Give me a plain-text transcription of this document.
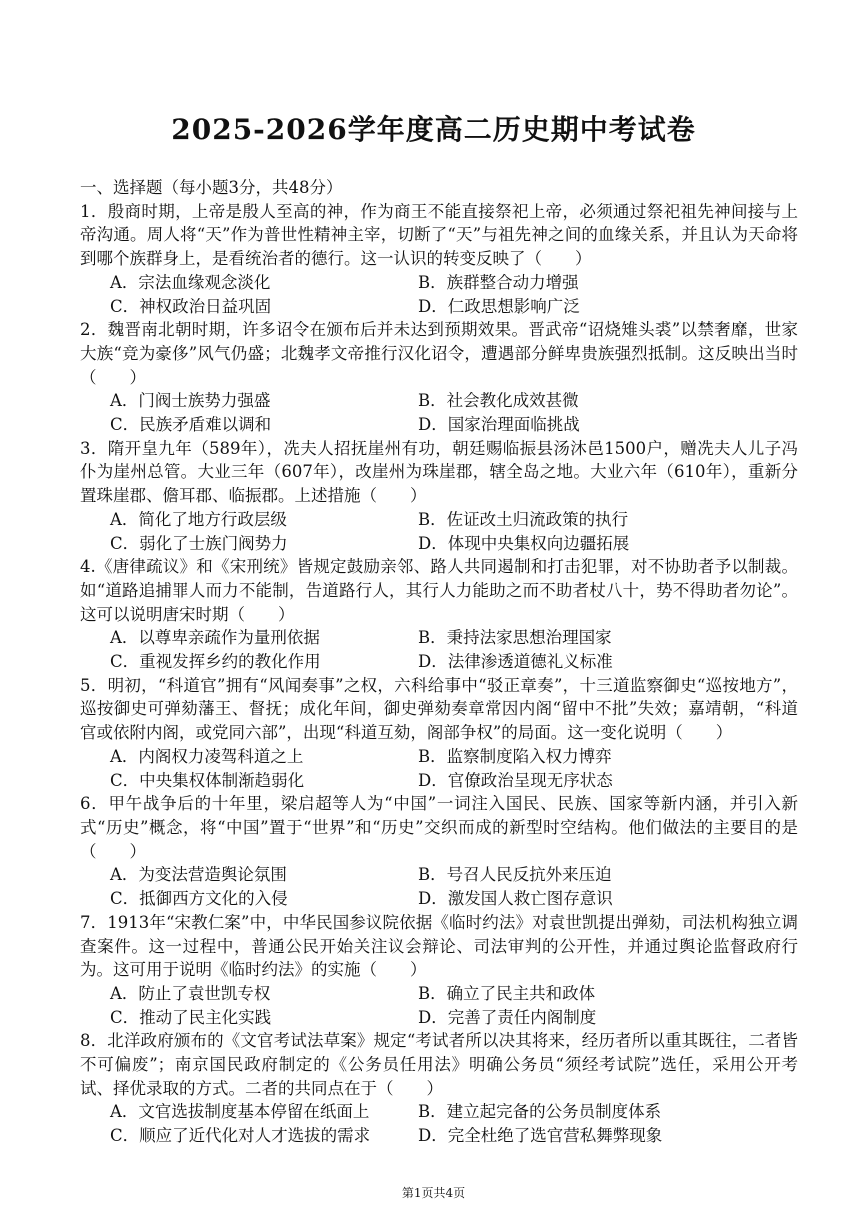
2025-2026学年度高二历史期中考试卷

一、选择题（每小题3分，共48分）

1．殷商时期，上帝是殷人至高的神，作为商王不能直接祭祀上帝，必须通过祭祀祖先神间接与上帝沟通。周人将“天”作为普世性精神主宰，切断了“天”与祖先神之间的血缘关系，并且认为天命将到哪个族群身上，是看统治者的德行。这一认识的转变反映了（　　）

A．宗法血缘观念淡化	B．族群整合动力增强
C．神权政治日益巩固	D．仁政思想影响广泛

2．魏晋南北朝时期，许多诏令在颁布后并未达到预期效果。晋武帝“诏烧雉头裘”以禁奢靡，世家大族“竞为豪侈”风气仍盛；北魏孝文帝推行汉化诏令，遭遇部分鲜卑贵族强烈抵制。这反映出当时（　　）

A．门阀士族势力强盛	B．社会教化成效甚微
C．民族矛盾难以调和	D．国家治理面临挑战

3．隋开皇九年（589年），冼夫人招抚崖州有功，朝廷赐临振县汤沐邑1500户，赠冼夫人儿子冯仆为崖州总管。大业三年（607年），改崖州为珠崖郡，辖全岛之地。大业六年（610年），重新分置珠崖郡、儋耳郡、临振郡。上述措施（　　）

A．简化了地方行政层级	B．佐证改土归流政策的执行
C．弱化了士族门阀势力	D．体现中央集权向边疆拓展

4.《唐律疏议》和《宋刑统》皆规定鼓励亲邻、路人共同遏制和打击犯罪，对不协助者予以制裁。如“道路追捕罪人而力不能制，告道路行人，其行人力能助之而不助者杖八十，势不得助者勿论”。这可以说明唐宋时期（　　）

A．以尊卑亲疏作为量刑依据	B．秉持法家思想治理国家
C．重视发挥乡约的教化作用	D．法律渗透道德礼义标准

5．明初，“科道官”拥有“风闻奏事”之权，六科给事中“驳正章奏”，十三道监察御史“巡按地方”，巡按御史可弹劾藩王、督抚；成化年间，御史弹劾奏章常因内阁“留中不批”失效；嘉靖朝，“科道官或依附内阁，或党同六部”，出现“科道互劾，阁部争权”的局面。这一变化说明（　　）

A．内阁权力凌驾科道之上	B．监察制度陷入权力博弈
C．中央集权体制渐趋弱化	D．官僚政治呈现无序状态

6．甲午战争后的十年里，梁启超等人为“中国”一词注入国民、民族、国家等新内涵，并引入新式“历史”概念，将“中国”置于“世界”和“历史”交织而成的新型时空结构。他们做法的主要目的是（　　）

A．为变法营造舆论氛围	B．号召人民反抗外来压迫
C．抵御西方文化的入侵	D．激发国人救亡图存意识

7．1913年“宋教仁案”中，中华民国参议院依据《临时约法》对袁世凯提出弹劾，司法机构独立调查案件。这一过程中，普通公民开始关注议会辩论、司法审判的公开性，并通过舆论监督政府行为。这可用于说明《临时约法》的实施（　　）

A．防止了袁世凯专权	B．确立了民主共和政体
C．推动了民主化实践	D．完善了责任内阁制度

8．北洋政府颁布的《文官考试法草案》规定“考试者所以决其将来，经历者所以重其既往，二者皆不可偏废”；南京国民政府制定的《公务员任用法》明确公务员“须经考试院”选任，采用公开考试、择优录取的方式。二者的共同点在于（　　）

A．文官选拔制度基本停留在纸面上	B．建立起完备的公务员制度体系
C．顺应了近代化对人才选拔的需求	D．完全杜绝了选官营私舞弊现象
第1页共4页
